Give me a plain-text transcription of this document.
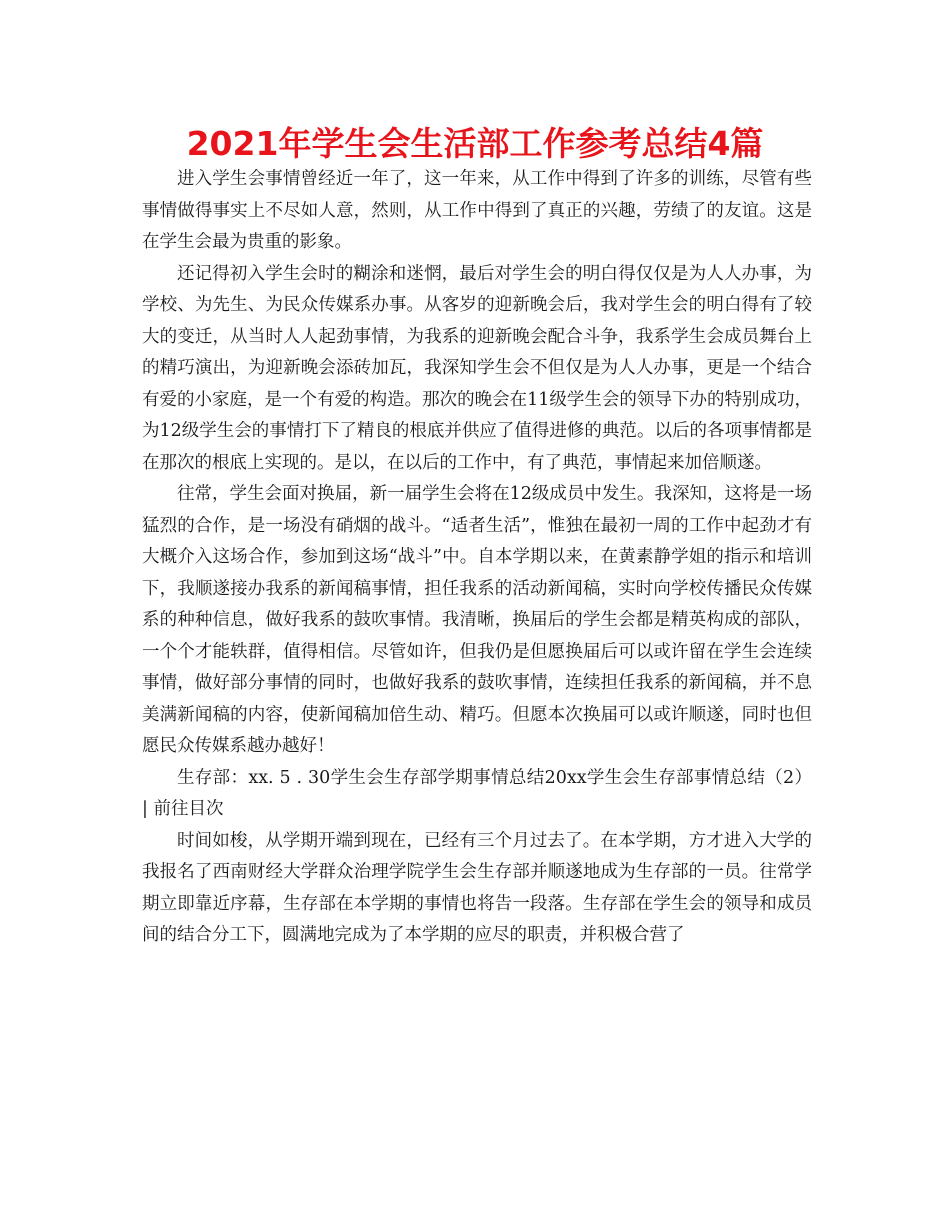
2021年学生会生活部工作参考总结4篇

进入学生会事情曾经近一年了，这一年来，从工作中得到了许多的训练，尽管有些事情做得事实上不尽如人意，然则，从工作中得到了真正的兴趣，劳绩了的友谊。这是在学生会最为贵重的影象。

还记得初入学生会时的糊涂和迷惘，最后对学生会的明白得仅仅是为人人办事，为学校、为先生、为民众传媒系办事。从客岁的迎新晚会后，我对学生会的明白得有了较大的变迁，从当时人人起劲事情，为我系的迎新晚会配合斗争，我系学生会成员舞台上的精巧演出，为迎新晚会添砖加瓦，我深知学生会不但仅是为人人办事，更是一个结合有爱的小家庭，是一个有爱的构造。那次的晚会在11级学生会的领导下办的特别成功，为12级学生会的事情打下了精良的根底并供应了值得进修的典范。以后的各项事情都是在那次的根底上实现的。是以，在以后的工作中，有了典范，事情起来加倍顺遂。

往常，学生会面对换届，新一届学生会将在12级成员中发生。我深知，这将是一场猛烈的合作，是一场没有硝烟的战斗。“适者生活”，惟独在最初一周的工作中起劲才有大概介入这场合作，参加到这场“战斗”中。自本学期以来，在黄素静学姐的指示和培训下，我顺遂接办我系的新闻稿事情，担任我系的活动新闻稿，实时向学校传播民众传媒系的种种信息，做好我系的鼓吹事情。我清晰，换届后的学生会都是精英构成的部队，一个个才能轶群，值得相信。尽管如许，但我仍是但愿换届后可以或许留在学生会连续事情，做好部分事情的同时，也做好我系的鼓吹事情，连续担任我系的新闻稿，并不息美满新闻稿的内容，使新闻稿加倍生动、精巧。但愿本次换届可以或许顺遂，同时也但愿民众传媒系越办越好！

生存部：xx. 5 . 30学生会生存部学期事情总结20xx学生会生存部事情总结（2） | 前往目次

时间如梭，从学期开端到现在，已经有三个月过去了。在本学期，方才进入大学的我报名了西南财经大学群众治理学院学生会生存部并顺遂地成为生存部的一员。往常学期立即靠近序幕，生存部在本学期的事情也将告一段落。生存部在学生会的领导和成员间的结合分工下，圆满地完成为了本学期的应尽的职责，并积极合营了
